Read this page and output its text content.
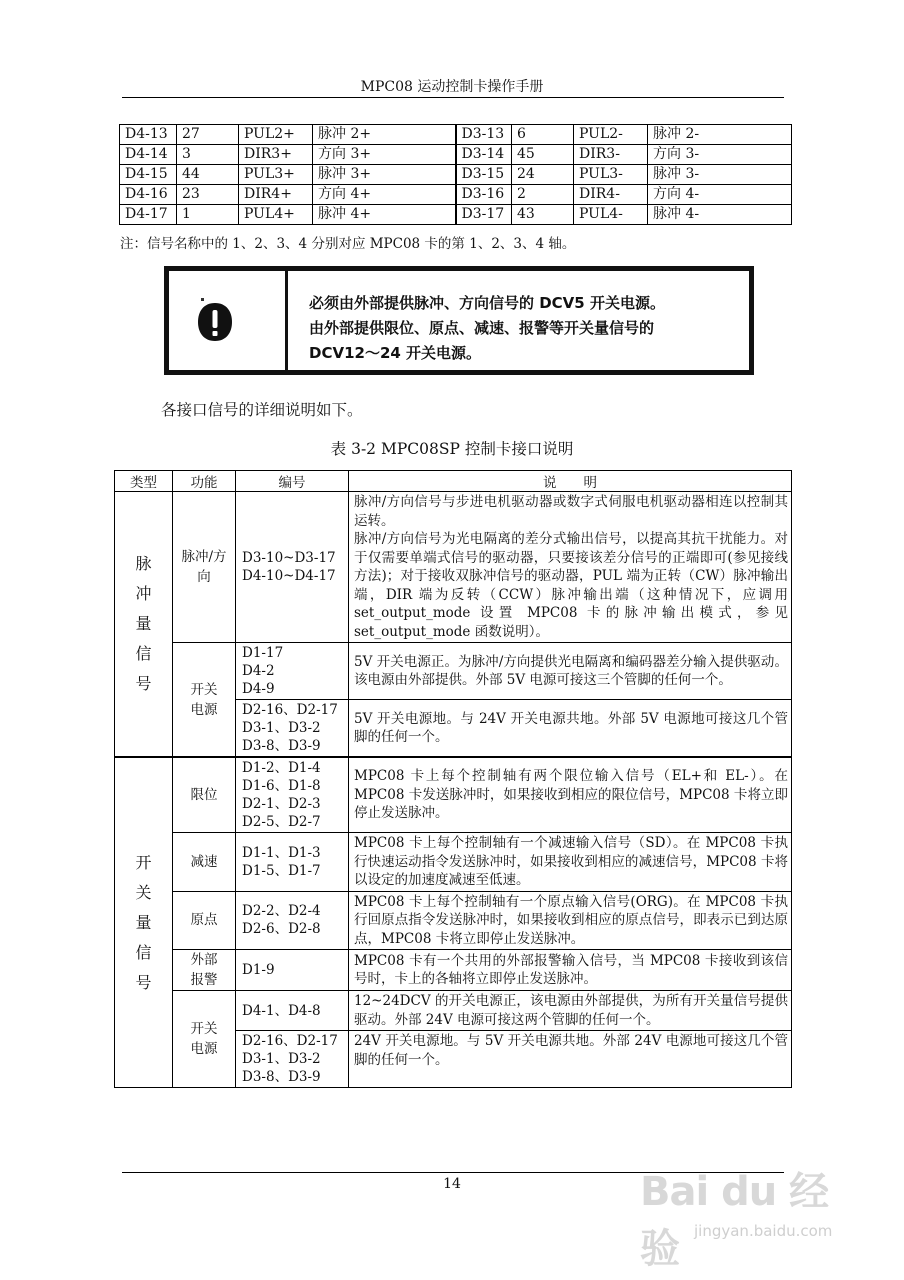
MPC08 运动控制卡操作手册
D4-13	27	PUL2+	脉冲 2+	D3-13	6	PUL2-	脉冲 2-
D4-14	3	DIR3+	方向 3+	D3-14	45	DIR3-	方向 3-
D4-15	44	PUL3+	脉冲 3+	D3-15	24	PUL3-	脉冲 3-
D4-16	23	DIR4+	方向 4+	D3-16	2	DIR4-	方向 4-
D4-17	1	PUL4+	脉冲 4+	D3-17	43	PUL4-	脉冲 4-
注：信号名称中的 1、2、3、4 分别对应 MPC08 卡的第 1、2、3、4 轴。
必须由外部提供脉冲、方向信号的 DCV5 开关电源。
由外部提供限位、原点、减速、报警等开关量信号的
DCV12～24 开关电源。
各接口信号的详细说明如下。
表 3-2 MPC08SP 控制卡接口说明
类型	功能	编号	说　　明

脉冲量信号	脉冲/方向	D3-10~D3-17
D4-10~D4-17	脉冲/方向信号与步进电机驱动器或数字式伺服电机驱动器相连以控制其运转。
脉冲/方向信号为光电隔离的差分式输出信号，以提高其抗干扰能力。对于仅需要单端式信号的驱动器，只要接该差分信号的正端即可(参见接线方法)；对于接收双脉冲信号的驱动器，PUL 端为正转（CW）脉冲输出端，DIR 端为反转（CCW）脉冲输出端（这种情况下，应调用 set_output_mode 设置 MPC08 卡的脉冲输出模式，参见 set_output_mode 函数说明）。
	开关电源	D1-17
D4-2
D4-9	5V 开关电源正。为脉冲/方向提供光电隔离和编码器差分输入提供驱动。该电源由外部提供。外部 5V 电源可接这三个管脚的任何一个。
		D2-16、D2-17
D3-1、D3-2
D3-8、D3-9	5V 开关电源地。与 24V 开关电源共地。外部 5V 电源地可接这几个管脚的任何一个。

开关量信号	限位	D1-2、D1-4
D1-6、D1-8
D2-1、D2-3
D2-5、D2-7	MPC08 卡上每个控制轴有两个限位输入信号（EL+和 EL-）。在 MPC08 卡发送脉冲时，如果接收到相应的限位信号，MPC08 卡将立即停止发送脉冲。
	减速	D1-1、D1-3
D1-5、D1-7	MPC08 卡上每个控制轴有一个减速输入信号（SD）。在 MPC08 卡执行快速运动指令发送脉冲时，如果接收到相应的减速信号，MPC08 卡将以设定的加速度减速至低速。
	原点	D2-2、D2-4
D2-6、D2-8	MPC08 卡上每个控制轴有一个原点输入信号(ORG)。在 MPC08 卡执行回原点指令发送脉冲时，如果接收到相应的原点信号，即表示已到达原点，MPC08 卡将立即停止发送脉冲。
	外部报警	D1-9	MPC08 卡有一个共用的外部报警输入信号，当 MPC08 卡接收到该信号时，卡上的各轴将立即停止发送脉冲。
	开关电源	D4-1、D4-8	12~24DCV 的开关电源正，该电源由外部提供，为所有开关量信号提供驱动。外部 24V 电源可接这两个管脚的任何一个。
		D2-16、D2-17
D3-1、D3-2
D3-8、D3-9	24V 开关电源地。与 5V 开关电源共地。外部 24V 电源地可接这几个管脚的任何一个。
14	Bai du 经验	jingyan.baidu.com
